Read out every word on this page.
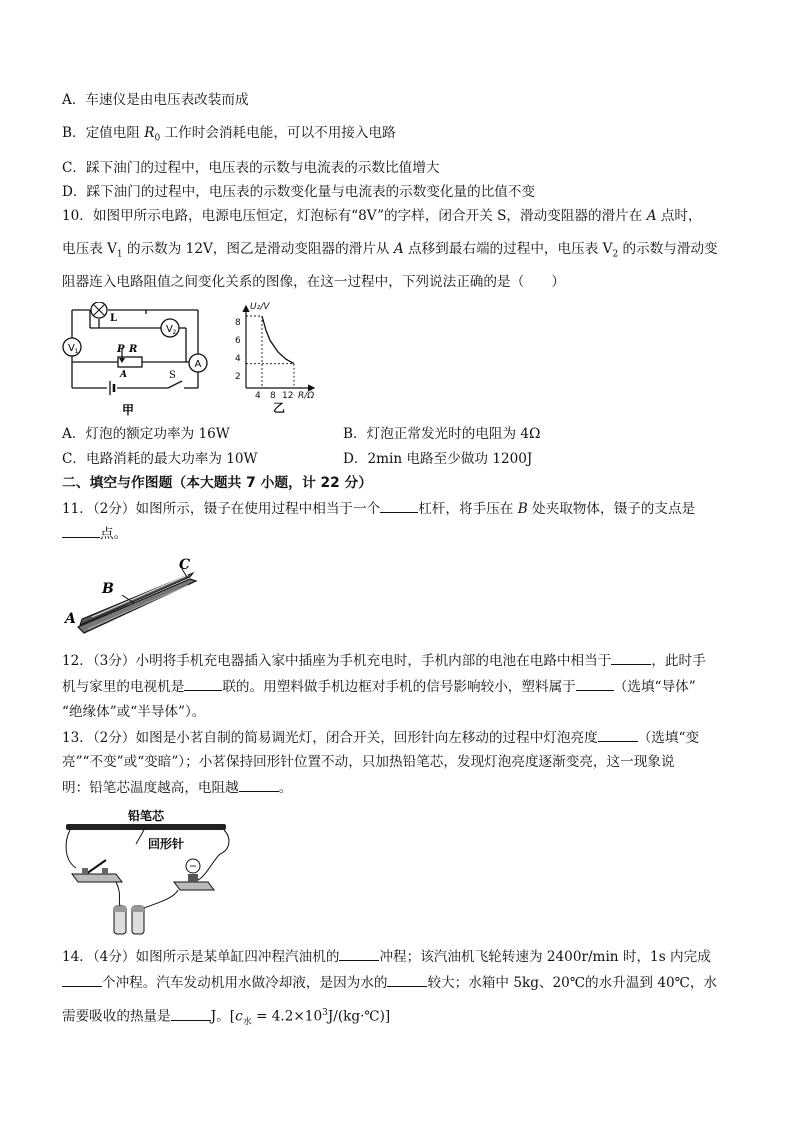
A．车速仪是由电压表改装而成
B．定值电阻 $R_0$ 工作时会消耗电能，可以不用接入电路
C．踩下油门的过程中，电压表的示数与电流表的示数比值增大
D．踩下油门的过程中，电压表的示数变化量与电流表的示数变化量的比值不变
10．如图甲所示电路，电源电压恒定，灯泡标有“8V”的字样，闭合开关 S，滑动变阻器的滑片在 A 点时，
电压表 $V_1$ 的示数为 12V，图乙是滑动变阻器的滑片从 A 点移到最右端的过程中，电压表 $V_2$ 的示数与滑动变
阻器连入电路阻值之间变化关系的图像，在这一过程中，下列说法正确的是（　　）
V 1
V 2
A
L
P R
A	S
甲
8
6
4
2
4 8 12
U₂/V
R/Ω
乙
A．灯泡的额定功率为 16W	B．灯泡正常发光时的电阻为 4Ω
C．电路消耗的最大功率为 10W	D．2min 电路至少做功 1200J
二、填空与作图题（本大题共 7 小题，计 22 分）
11．（2分）如图所示，镊子在使用过程中相当于一个	杠杆，将手压在 B 处夹取物体，镊子的支点是
点。
B
C
A
12．（3分）小明将手机充电器插入家中插座为手机充电时，手机内部的电池在电路中相当于	，此时手
机与家里的电视机是	联的。用塑料做手机边框对手机的信号影响较小，塑料属于	（选填“导体”
“绝缘体”或“半导体”）。
13．（2分）如图是小茗自制的简易调光灯，闭合开关，回形针向左移动的过程中灯泡亮度	（选填“变
亮”“不变”或“变暗”）；小茗保持回形针位置不动，只加热铅笔芯，发现灯泡亮度逐渐变亮，这一现象说
明：铅笔芯温度越高，电阻越	。
铅笔芯
回形针
14．（4分）如图所示是某单缸四冲程汽油机的	冲程；该汽油机飞轮转速为 2400r/min 时，1s 内完成
个冲程。汽车发动机用水做冷却液，是因为水的	较大；水箱中 5kg、20℃的水升温到 40℃，水
需要吸收的热量是	J。[$c_水$ = $4.2\times 10^3J/(kg\cdot℃)$]
